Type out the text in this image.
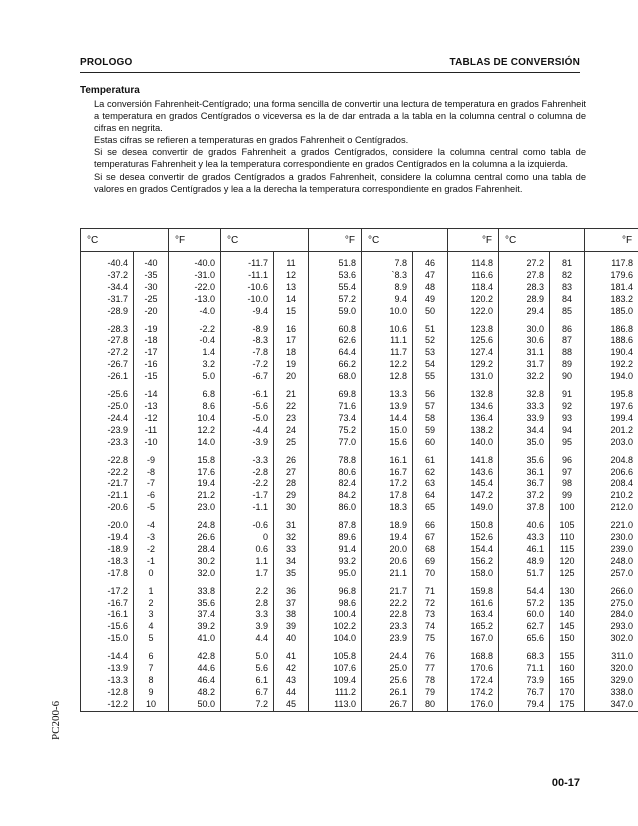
PROLOGO	TABLAS DE CONVERSIÓN
Temperatura

La conversión Fahrenheit-Centígrado; una forma sencilla de convertir una lectura de temperatura en grados Fahrenheit a temperatura en grados Centígrados o viceversa es la de dar entrada a la tabla en la columna central o columna de cifras en negrita.

Estas cifras se refieren a temperaturas en grados Fahrenheit o Centígrados.

Si se desea convertir de grados Fahrenheit a grados Centígrados, considere la columna central como tabla de temperaturas Fahrenheit y lea la temperatura correspondiente en grados Centígrados en la columna a la izquierda.

Si se desea convertir de grados Centígrados a grados Fahrenheit, considere la columna central como una tabla de valores en grados Centígrados y lea a la derecha la temperatura correspondiente en grados Fahrenheit.

°C		°F	°C		°F	°C		°F	°C		°F
-40.4	-40	-40.0	-11.7	11	51.8	7.8	46	114.8	27.2	81	117.8
-37.2	-35	-31.0	-11.1	12	53.6	`8.3	47	116.6	27.8	82	179.6
-34.4	-30	-22.0	-10.6	13	55.4	8.9	48	118.4	28.3	83	181.4
-31.7	-25	-13.0	-10.0	14	57.2	9.4	49	120.2	28.9	84	183.2
-28.9	-20	-4.0	-9.4	15	59.0	10.0	50	122.0	29.4	85	185.0
-28.3	-19	-2.2	-8.9	16	60.8	10.6	51	123.8	30.0	86	186.8
-27.8	-18	-0.4	-8.3	17	62.6	11.1	52	125.6	30.6	87	188.6
-27.2	-17	1.4	-7.8	18	64.4	11.7	53	127.4	31.1	88	190.4
-26.7	-16	3.2	-7.2	19	66.2	12.2	54	129.2	31.7	89	192.2
-26.1	-15	5.0	-6.7	20	68.0	12.8	55	131.0	32.2	90	194.0
-25.6	-14	6.8	-6.1	21	69.8	13.3	56	132.8	32.8	91	195.8
-25.0	-13	8.6	-5.6	22	71.6	13.9	57	134.6	33.3	92	197.6
-24.4	-12	10.4	-5.0	23	73.4	14.4	58	136.4	33.9	93	199.4
-23.9	-11	12.2	-4.4	24	75.2	15.0	59	138.2	34.4	94	201.2
-23.3	-10	14.0	-3.9	25	77.0	15.6	60	140.0	35.0	95	203.0
-22.8	-9	15.8	-3.3	26	78.8	16.1	61	141.8	35.6	96	204.8
-22.2	-8	17.6	-2.8	27	80.6	16.7	62	143.6	36.1	97	206.6
-21.7	-7	19.4	-2.2	28	82.4	17.2	63	145.4	36.7	98	208.4
-21.1	-6	21.2	-1.7	29	84.2	17.8	64	147.2	37.2	99	210.2
-20.6	-5	23.0	-1.1	30	86.0	18.3	65	149.0	37.8	100	212.0
-20.0	-4	24.8	-0.6	31	87.8	18.9	66	150.8	40.6	105	221.0
-19.4	-3	26.6	0	32	89.6	19.4	67	152.6	43.3	110	230.0
-18.9	-2	28.4	0.6	33	91.4	20.0	68	154.4	46.1	115	239.0
-18.3	-1	30.2	1.1	34	93.2	20.6	69	156.2	48.9	120	248.0
-17.8	0	32.0	1.7	35	95.0	21.1	70	158.0	51.7	125	257.0
-17.2	1	33.8	2.2	36	96.8	21.7	71	159.8	54.4	130	266.0
-16.7	2	35.6	2.8	37	98.6	22.2	72	161.6	57.2	135	275.0
-16.1	3	37.4	3.3	38	100.4	22.8	73	163.4	60.0	140	284.0
-15.6	4	39.2	3.9	39	102.2	23.3	74	165.2	62.7	145	293.0
-15.0	5	41.0	4.4	40	104.0	23.9	75	167.0	65.6	150	302.0
-14.4	6	42.8	5.0	41	105.8	24.4	76	168.8	68.3	155	311.0
-13.9	7	44.6	5.6	42	107.6	25.0	77	170.6	71.1	160	320.0
-13.3	8	46.4	6.1	43	109.4	25.6	78	172.4	73.9	165	329.0
-12.8	9	48.2	6.7	44	111.2	26.1	79	174.2	76.7	170	338.0
-12.2	10	50.0	7.2	45	113.0	26.7	80	176.0	79.4	175	347.0
PC200-6
00-17
